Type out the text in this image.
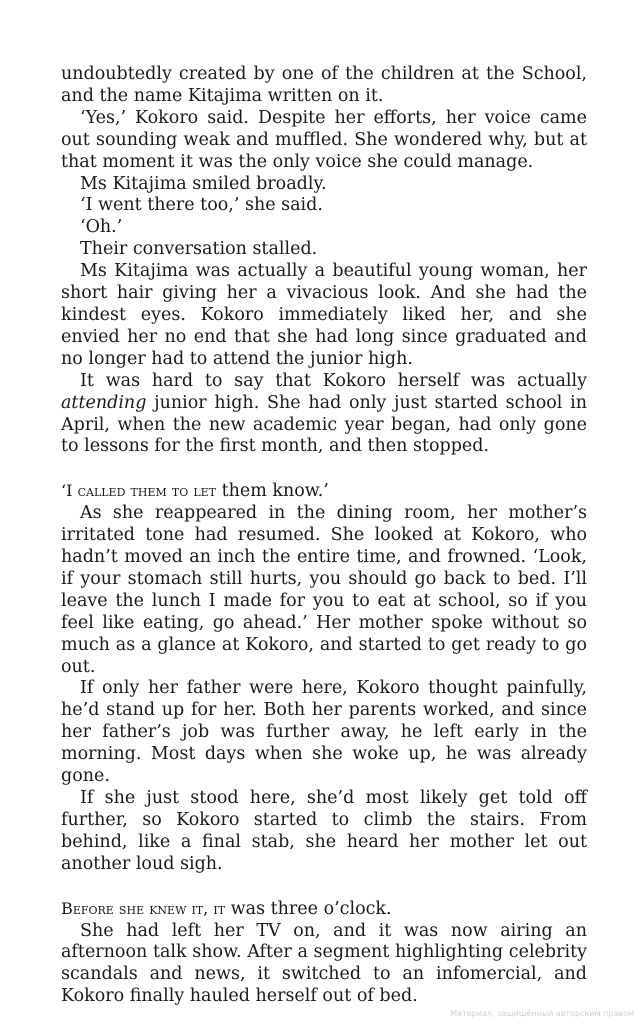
undoubtedly created by one of the children at the School, and the name Kitajima written on it.

‘Yes,’ Kokoro said. Despite her efforts, her voice came out sounding weak and muffled. She wondered why, but at that moment it was the only voice she could manage.

Ms Kitajima smiled broadly.

‘I went there too,’ she said.

‘Oh.’

Their conversation stalled.

Ms Kitajima was actually a beautiful young woman, her short hair giving her a vivacious look. And she had the kindest eyes. Kokoro immediately liked her, and she envied her no end that she had long since graduated and no longer had to attend the junior high.

It was hard to say that Kokoro herself was actually attending junior high. She had only just started school in April, when the new academic year began, had only gone to lessons for the first month, and then stopped.

‘I called them to let them know.’

As she reappeared in the dining room, her mother’s irritated tone had resumed. She looked at Kokoro, who hadn’t moved an inch the entire time, and frowned. ‘Look, if your stomach still hurts, you should go back to bed. I’ll leave the lunch I made for you to eat at school, so if you feel like eating, go ahead.’ Her mother spoke without so much as a glance at Kokoro, and started to get ready to go out.

If only her father were here, Kokoro thought painfully, he’d stand up for her. Both her parents worked, and since her father’s job was further away, he left early in the morning. Most days when she woke up, he was already gone.

If she just stood here, she’d most likely get told off further, so Kokoro started to climb the stairs. From behind, like a final stab, she heard her mother let out another loud sigh.

Before she knew it, it was three o’clock.

She had left her TV on, and it was now airing an afternoon talk show. After a segment highlighting celebrity scandals and news, it switched to an infomercial, and Kokoro finally hauled herself out of bed.

Материал, защищённый авторским правом
